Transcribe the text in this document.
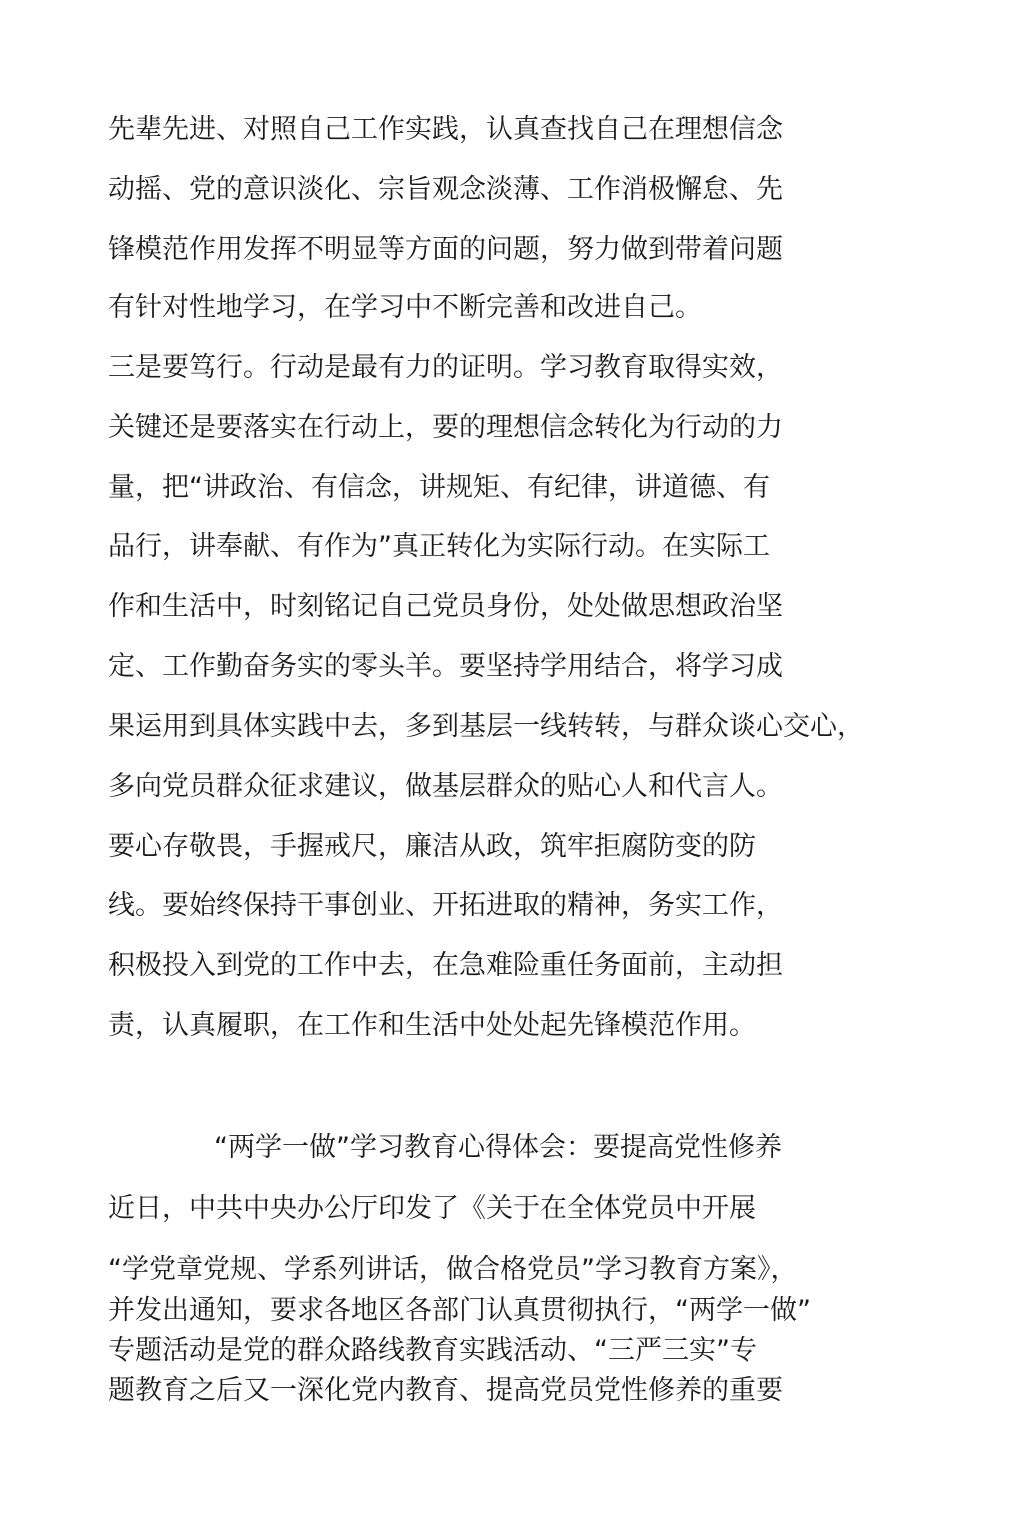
先辈先进、对照自己工作实践，认真查找自己在理想信念
动摇、党的意识淡化、宗旨观念淡薄、工作消极懈怠、先
锋模范作用发挥不明显等方面的问题，努力做到带着问题
有针对性地学习，在学习中不断完善和改进自己。
三是要笃行。行动是最有力的证明。学习教育取得实效，
关键还是要落实在行动上，要的理想信念转化为行动的力
量，把“讲政治、有信念，讲规矩、有纪律，讲道德、有
品行，讲奉献、有作为”真正转化为实际行动。在实际工
作和生活中，时刻铭记自己党员身份，处处做思想政治坚
定、工作勤奋务实的零头羊。要坚持学用结合，将学习成
果运用到具体实践中去，多到基层一线转转，与群众谈心交心，
多向党员群众征求建议，做基层群众的贴心人和代言人。
要心存敬畏，手握戒尺，廉洁从政，筑牢拒腐防变的防
线。要始终保持干事创业、开拓进取的精神，务实工作，
积极投入到党的工作中去，在急难险重任务面前，主动担
责，认真履职，在工作和生活中处处起先锋模范作用。
“两学一做”学习教育心得体会：要提高党性修养
近日，中共中央办公厅印发了《关于在全体党员中开展
“学党章党规、学系列讲话，做合格党员”学习教育方案》，
并发出通知，要求各地区各部门认真贯彻执行，“两学一做”
专题活动是党的群众路线教育实践活动、“三严三实”专
题教育之后又一深化党内教育、提高党员党性修养的重要
